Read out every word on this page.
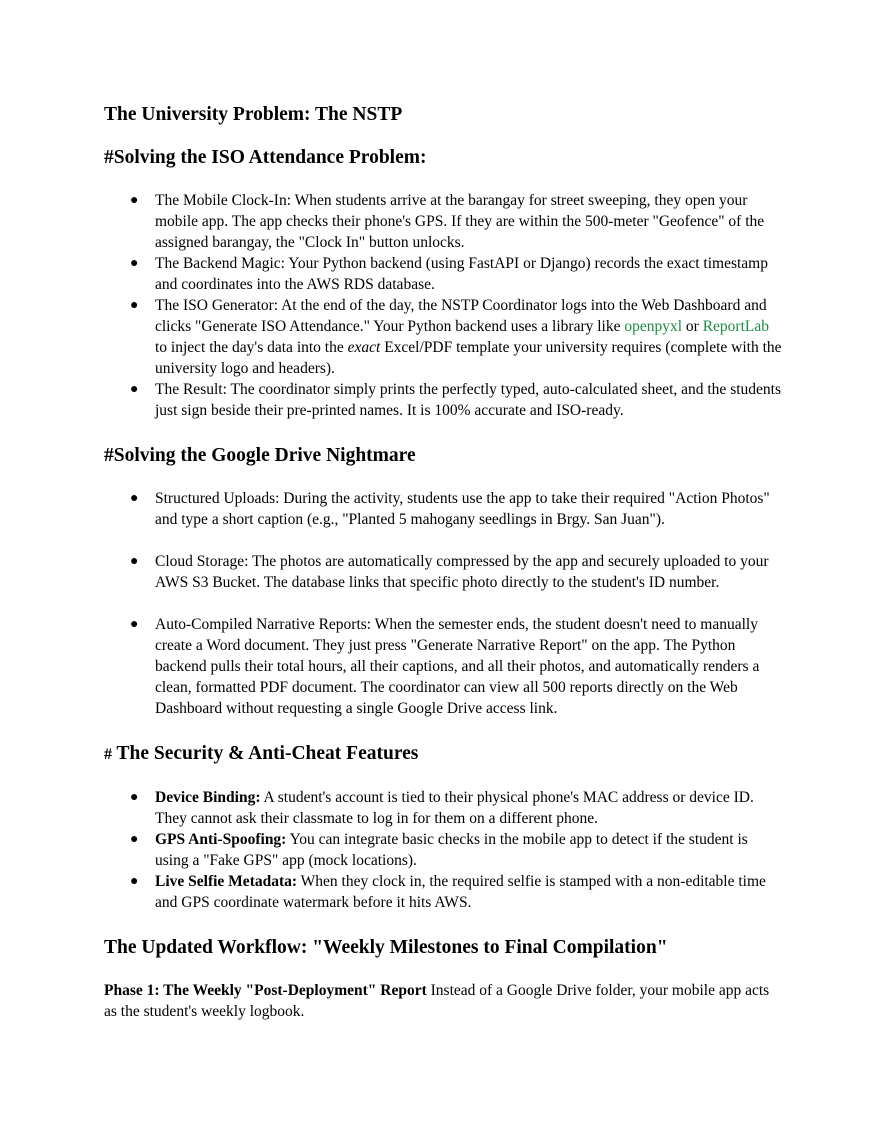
The University Problem: The NSTP
#Solving the ISO Attendance Problem:
● The Mobile Clock-In: When students arrive at the barangay for street sweeping, they open your mobile app. The app checks their phone's GPS. If they are within the 500-meter "Geofence" of the assigned barangay, the "Clock In" button unlocks.
● The Backend Magic: Your Python backend (using FastAPI or Django) records the exact timestamp and coordinates into the AWS RDS database.
● The ISO Generator: At the end of the day, the NSTP Coordinator logs into the Web Dashboard and clicks "Generate ISO Attendance." Your Python backend uses a library like openpyxl or ReportLab to inject the day's data into the exact Excel/PDF template your university requires (complete with the university logo and headers).
● The Result: The coordinator simply prints the perfectly typed, auto-calculated sheet, and the students just sign beside their pre-printed names. It is 100% accurate and ISO-ready.
#Solving the Google Drive Nightmare
● Structured Uploads: During the activity, students use the app to take their required "Action Photos" and type a short caption (e.g., "Planted 5 mahogany seedlings in Brgy. San Juan").
● Cloud Storage: The photos are automatically compressed by the app and securely uploaded to your AWS S3 Bucket. The database links that specific photo directly to the student's ID number.
● Auto-Compiled Narrative Reports: When the semester ends, the student doesn't need to manually create a Word document. They just press "Generate Narrative Report" on the app. The Python backend pulls their total hours, all their captions, and all their photos, and automatically renders a clean, formatted PDF document. The coordinator can view all 500 reports directly on the Web Dashboard without requesting a single Google Drive access link.
# The Security & Anti-Cheat Features
● Device Binding: A student's account is tied to their physical phone's MAC address or device ID. They cannot ask their classmate to log in for them on a different phone.
● GPS Anti-Spoofing: You can integrate basic checks in the mobile app to detect if the student is using a "Fake GPS" app (mock locations).
● Live Selfie Metadata: When they clock in, the required selfie is stamped with a non-editable time and GPS coordinate watermark before it hits AWS.
The Updated Workflow: "Weekly Milestones to Final Compilation"

Phase 1: The Weekly "Post-Deployment" Report Instead of a Google Drive folder, your mobile app acts as the student's weekly logbook.
